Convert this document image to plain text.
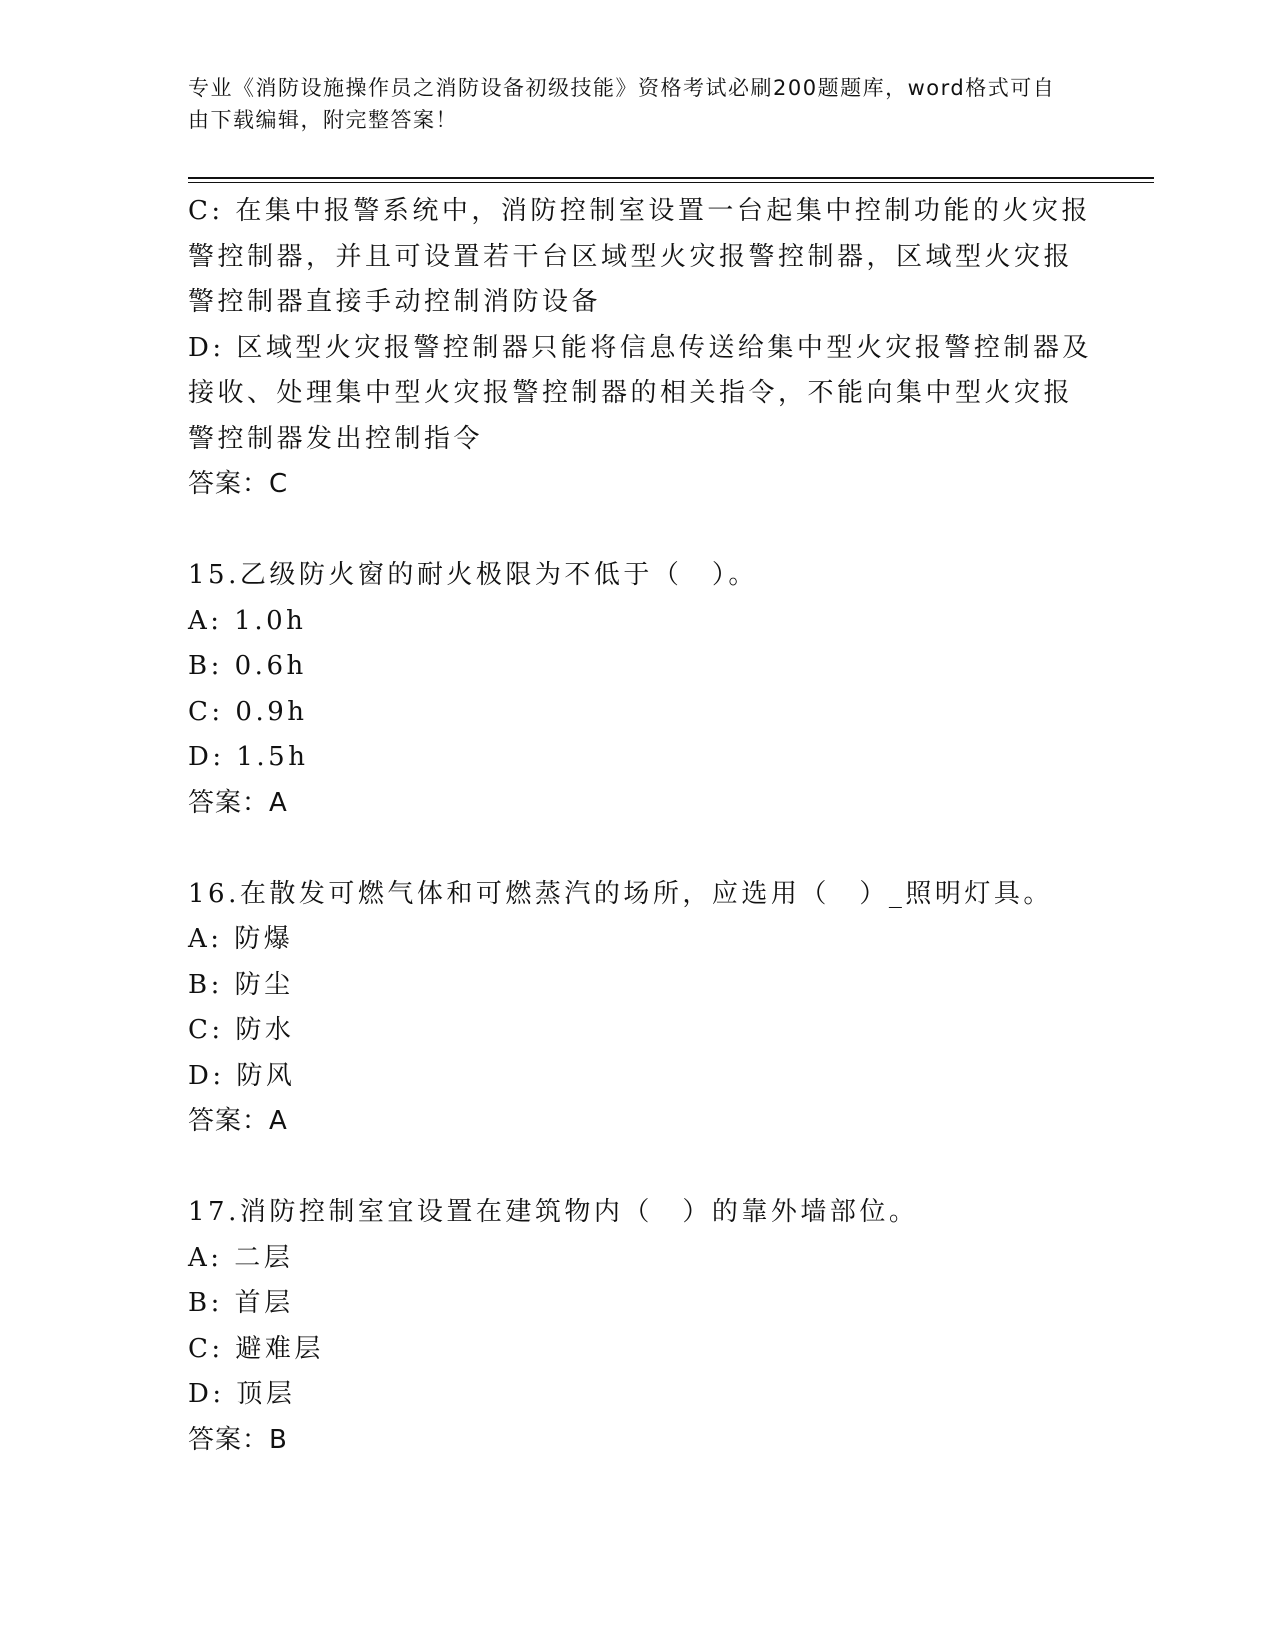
专业《消防设施操作员之消防设备初级技能》资格考试必刷200题题库，word格式可自由下载编辑，附完整答案！
C: 在集中报警系统中，消防控制室设置一台起集中控制功能的火灾报
警控制器，并且可设置若干台区域型火灾报警控制器，区域型火灾报
警控制器直接手动控制消防设备
D: 区域型火灾报警控制器只能将信息传送给集中型火灾报警控制器及
接收、处理集中型火灾报警控制器的相关指令，不能向集中型火灾报
警控制器发出控制指令
答案：C
15.乙级防火窗的耐火极限为不低于（　）。
A: 1.0h
B: 0.6h
C: 0.9h
D: 1.5h
答案：A
16.在散发可燃气体和可燃蒸汽的场所，应选用（　）_照明灯具。
A: 防爆
B: 防尘
C: 防水
D: 防风
答案：A
17.消防控制室宜设置在建筑物内（　）的靠外墙部位。
A: 二层
B: 首层
C: 避难层
D: 顶层
答案：B
